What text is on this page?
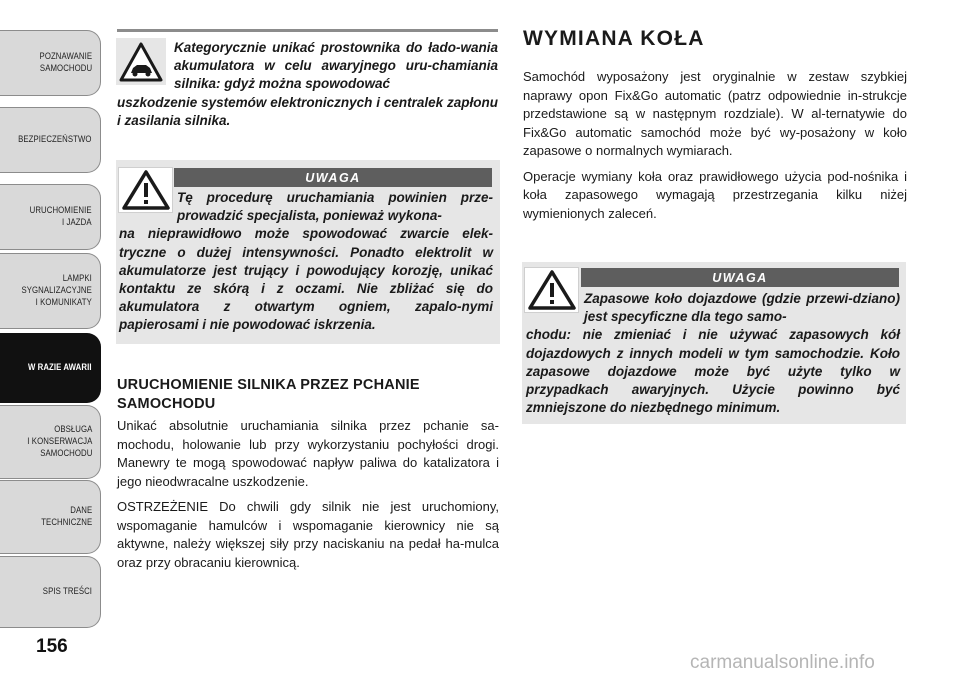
POZNAWANIE
SAMOCHODU
BEZPIECZEŃSTWO
URUCHOMIENIE
I JAZDA
LAMPKI
SYGNALIZACYJNE
I KOMUNIKATY
W RAZIE AWARII
OBSŁUGA
I KONSERWACJA
SAMOCHODU
DANE
TECHNICZNE
SPIS TREŚCI
156
Kategorycznie unikać prostownika do łado-wania akumulatora w celu awaryjnego uru-chamiania silnika: gdyż można spowodować
uszkodzenie systemów elektronicznych i centralek zapłonu i zasilania silnika.
UWAGA
Tę procedurę uruchamiania powinien prze-prowadzić specjalista, ponieważ wykona-
na nieprawidłowo może spowodować zwarcie elek-tryczne o dużej intensywności. Ponadto elektrolit w akumulatorze jest trujący i powodujący korozję, unikać kontaktu ze skórą i z oczami. Nie zbliżać się do akumulatora z otwartym ogniem, zapalo-nymi papierosami i nie powodować iskrzenia.
URUCHOMIENIE SILNIKA PRZEZ PCHANIE SAMOCHODU

Unikać absolutnie uruchamiania silnika przez pchanie sa-mochodu, holowanie lub przy wykorzystaniu pochyłości drogi. Manewry te mogą spowodować napływ paliwa do katalizatora i jego nieodwracalne uszkodzenie.

OSTRZEŻENIE Do chwili gdy silnik nie jest uruchomiony, wspomaganie hamulców i wspomaganie kierownicy nie są aktywne, należy większej siły przy naciskaniu na pedał ha-mulca oraz przy obracaniu kierownicą.

WYMIANA KOŁA

Samochód wyposażony jest oryginalnie w zestaw szybkiej naprawy opon Fix&Go automatic (patrz odpowiednie in-strukcje przedstawione są w następnym rozdziale). W al-ternatywie do Fix&Go automatic samochód może być wy-posażony w koło zapasowe o normalnych wymiarach.

Operacje wymiany koła oraz prawidłowego użycia pod-nośnika i koła zapasowego wymagają przestrzegania kilku niżej wymienionych zaleceń.

UWAGA
Zapasowe koło dojazdowe (gdzie przewi-dziano) jest specyficzne dla tego samo-
chodu: nie zmieniać i nie używać zapasowych kół dojazdowych z innych modeli w tym samochodzie. Koło zapasowe dojazdowe może być użyte tylko w przypadkach awaryjnych. Użycie powinno być zmniejszone do niezbędnego minimum.
carmanualsonline.info
